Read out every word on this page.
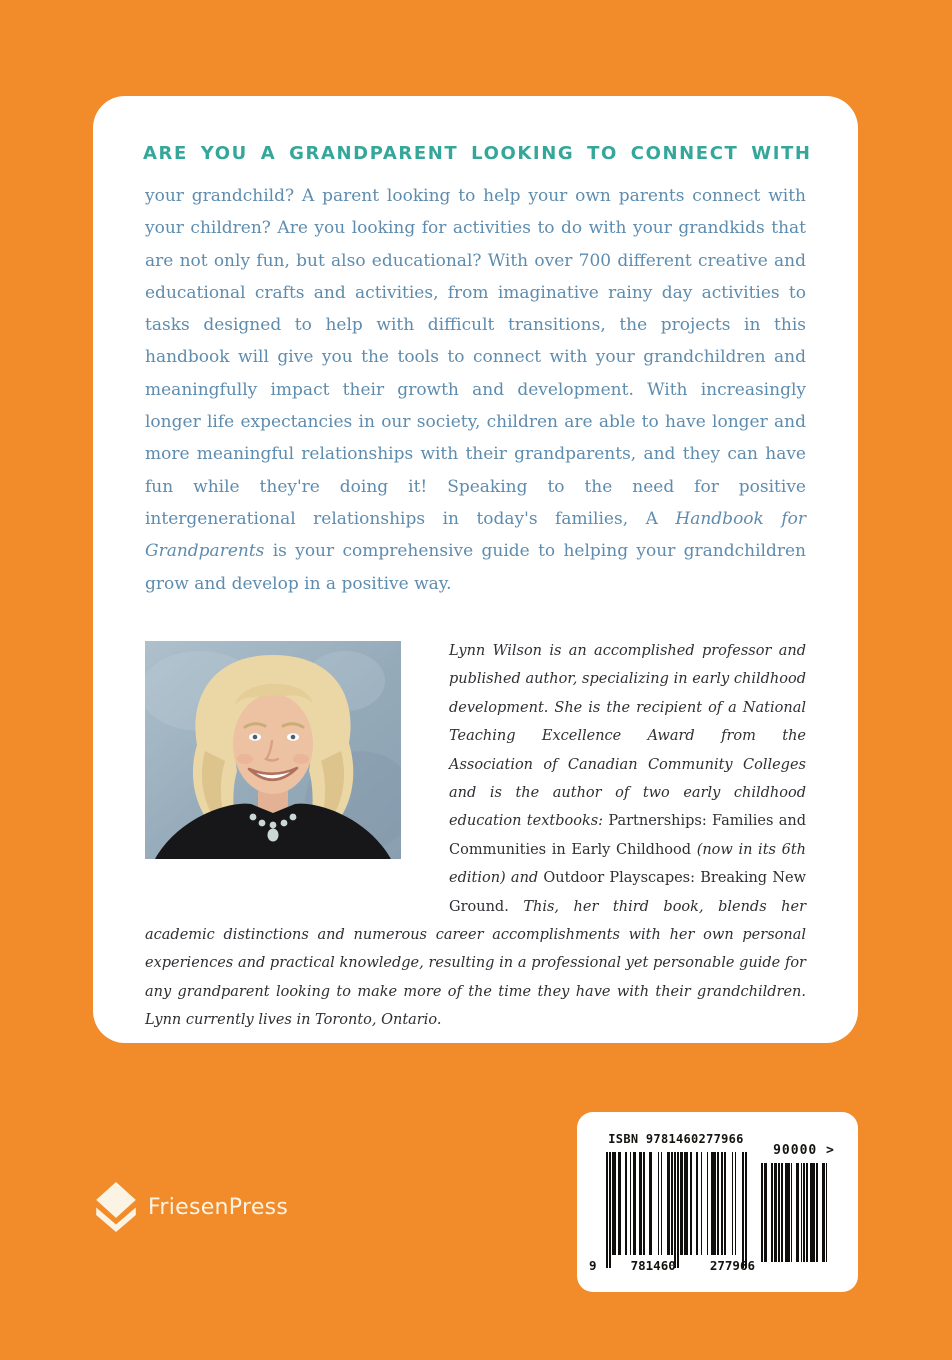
ARE YOU A GRANDPARENT LOOKING TO CONNECT WITH

your grandchild? A parent looking to help your own parents connect with your children? Are you looking for activities to do with your grandkids that are not only fun, but also educational? With over 700 different creative and educational crafts and activities, from imaginative rainy day activities to tasks designed to help with difficult transitions, the projects in this handbook will give you the tools to connect with your grandchildren and meaningfully impact their growth and development. With increasingly longer life expectancies in our society, children are able to have longer and more meaningful relationships with their grandparents, and they can have fun while they're doing it! Speaking to the need for positive intergenerational relationships in today's families, A Handbook for Grandparents is your comprehensive guide to helping your grandchildren grow and develop in a positive way.

Lynn Wilson is an accomplished professor and published author, specializing in early childhood development. She is the recipient of a National Teaching Excellence Award from the Association of Canadian Community Colleges and is the author of two early childhood education textbooks: Partnerships: Families and Communities in Early Childhood (now in its 6th edition) and Outdoor Playscapes: Breaking New Ground. This, her third book, blends her academic distinctions and numerous career accomplishments with her own personal experiences and practical knowledge, resulting in a professional yet personable guide for any grandparent looking to make more of the time they have with their grandchildren. Lynn currently lives in Toronto, Ontario.

ISBN 9781460277966
90000 >
9	781460	277966
FriesenPress
